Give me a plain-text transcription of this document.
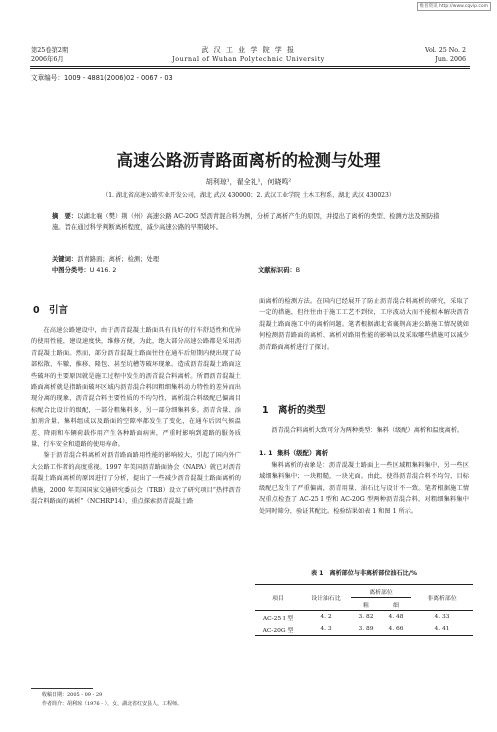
维普资讯 http://www.cqvip.com
第25卷第2期
2006年6月
武 汉 工 业 学 院 学 报
Journal of Wuhan Polytechnic University
Vol. 25 No. 2
Jun. 2006
文章编号：1009 - 4881(2006)02 - 0067 - 03
高速公路沥青路面离析的检测与处理
胡利琼¹，翟全礼¹，何晓鸣²
（1. 湖北省高速公路实业开发公司，湖北 武汉 430000；2. 武汉工业学院 土木工程系，湖北 武汉 430023）

摘　要：以湖北襄（樊）荆（州）高速公路 AC-20G 型沥青混合料为例，分析了离析产生的原因，并提出了离析的类型、检测方法及预防措施。旨在通过科学判断离析程度，减少高速公路的早期破坏。

关键词：沥青路面；离析；检测；处理
中图分类号：U 416. 2	文献标识码：B
0 引言

在高速公路建设中，由于沥青混凝土路面具有良好的行车舒适性和优异的使用性能，建设速度快，维修方便，为此，绝大部分高速公路都是采用沥青混凝土路面。然而，部分沥青混凝土路面往往在通车后短期内便出现了局部松散、车辙、推移、隆包、甚至坑槽等破坏现象。造成沥青混凝土路面这些破坏的主要原因就是施工过程中发生的沥青混合料离析。所谓沥青混凝土路面离析就是指路面破坏区域内沥青混合料因粗细集料动力特性的差异而出现分离的现象，沥青混合料主要性质的不均匀性，离析混合料级配已偏离目标配合比设计的级配，一部分粗集料多，另一部分细集料多。沥青含量、添加剂含量、集料组成以及路面的空隙率都发生了变化，在通车后因气候温差、降雨和车辆荷载作用产生各种路面病害，严重时影响到道路的服务质量、行车安全和道路的使用寿命。

鉴于沥青混合料离析对沥青路面路用性能的影响较大，引起了国内外广大公路工作者的高度重视。1997 年美国沥青路面协会（NAPA）就已对沥青混凝土路面离析的原因进行了分析，提出了一些减少沥青混凝土路面离析的措施，2000 年美国国家交通研究委员会（TRB）设立了研究项目“热拌沥青混合料路面的离析”（NCHRP14），重点探索沥青混凝土路

面离析的检测方法。在国内已经展开了防止沥青混合料离析的研究，采取了一定的措施，但往往由于施工工艺不到位，工序波动大而不能根本解决沥青混凝土路面施工中的离析问题。笔者根据湖北省襄荆高速公路施工情况就如何检测沥青路面的离析、离析对路用性能的影响以及采取哪些措施可以减少沥青路面离析进行了探讨。

1 离析的类型

沥青混合料离析大致可分为两种类型：集料（级配）离析和温度离析。

1. 1 集料（级配）离析

集料离析的表象是：沥青混凝土路面上一些区域粗集料集中，另一些区域细集料集中；一块粗糙，一块光面。由此，使得沥青混合料不均匀，目标级配已发生了严重偏离，沥青用量、油石比与设计不一致。笔者根据施工情况重点检查了 AC-25 Ⅰ 型和 AC-20G 型两种沥青混合料，对粗细集料集中处同时筛分，验证其配比。检验结果如表 1 和图 1 所示。

表 1　离析部位与非离析部位油石比/%
项目	设计油石比	离析部位		非离析部位
		粗	细	
AC-25 Ⅰ 型	4. 2	3. 82	4. 48	4. 33
AC-20G 型	4. 3	3. 89	4. 66	4. 41
收稿日期：2005 - 09 - 29
作者简介：胡利琼（1976 - ），女，湖北省红安县人，工程师。
